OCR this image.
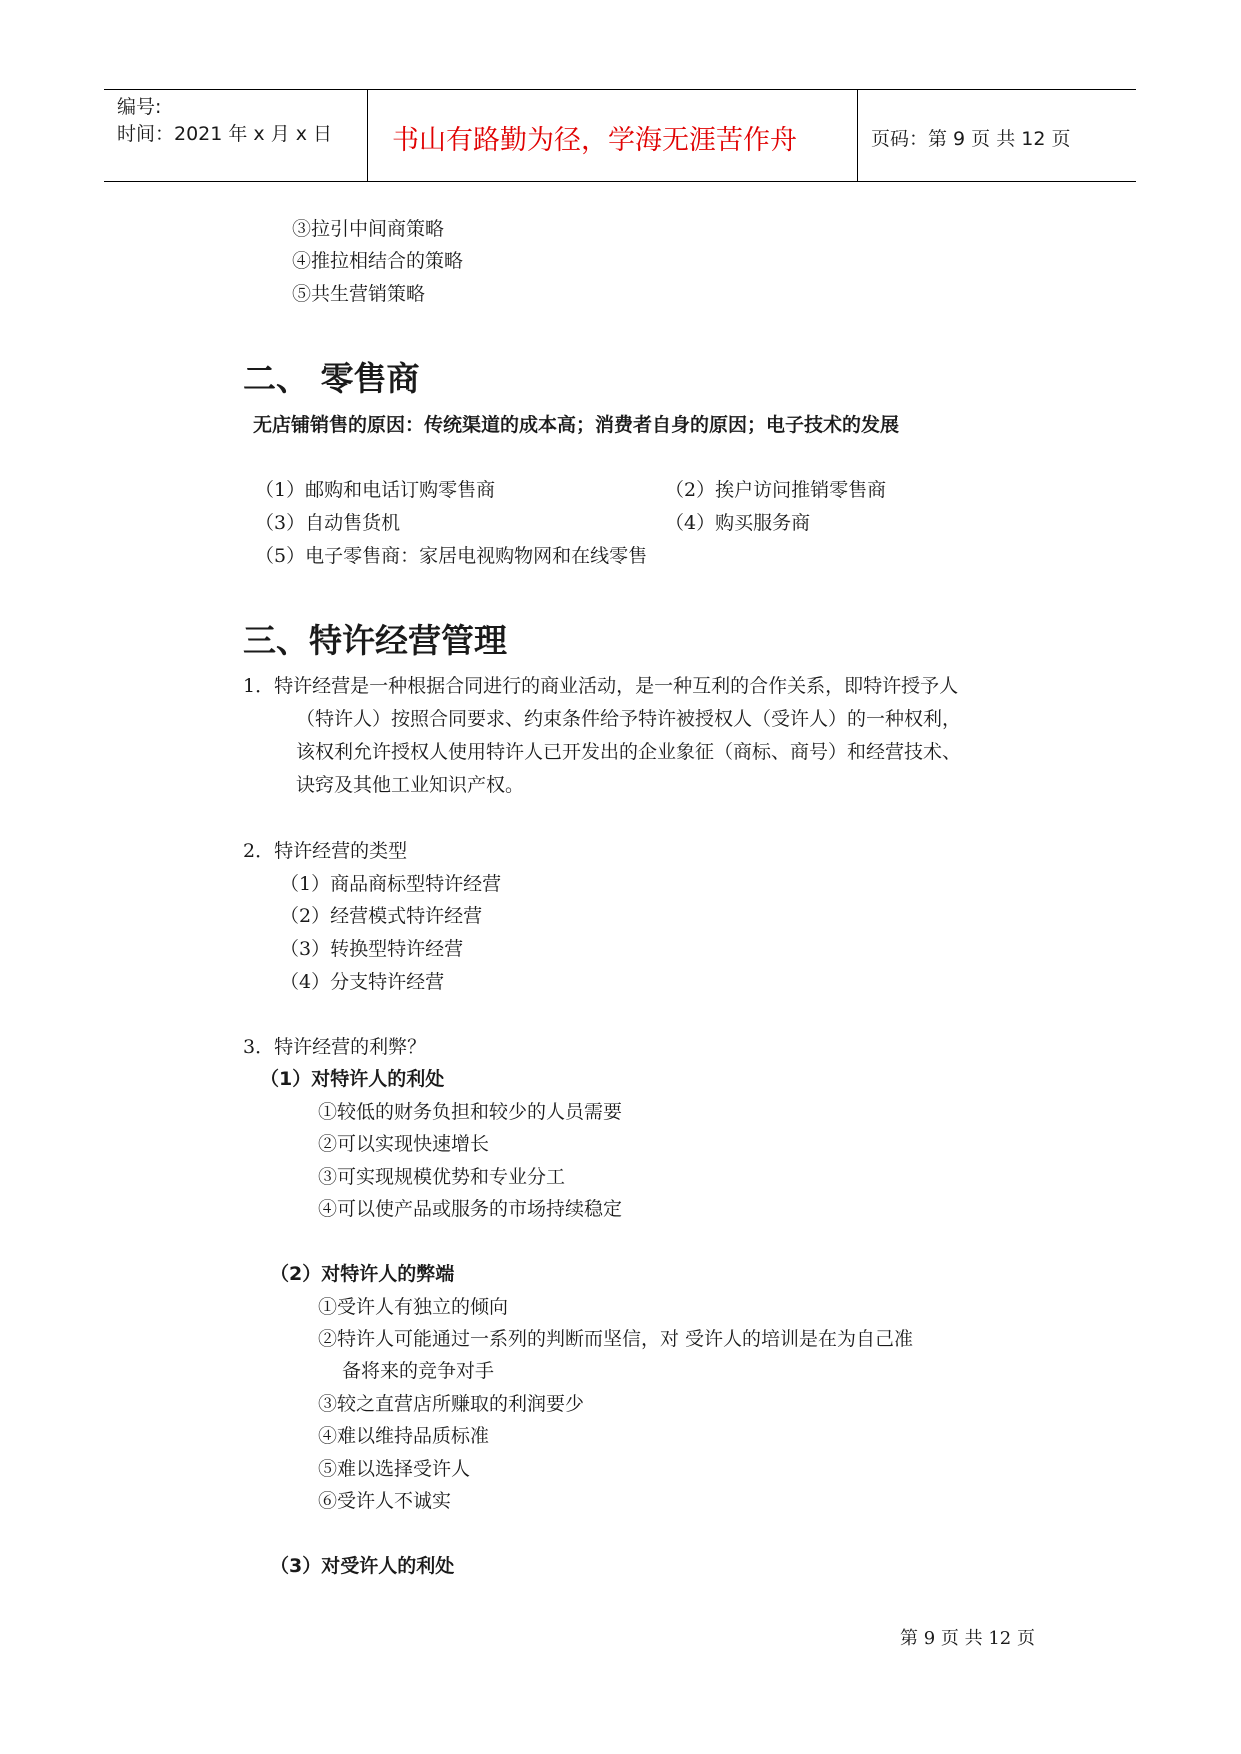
编号:
时间：2021 年 x 月 x 日 书山有路勤为径，学海无涯苦作舟	页码：第 9 页 共 12 页
③拉引中间商策略
④推拉相结合的策略
⑤共生营销策略
二、 零售商
无店铺销售的原因：传统渠道的成本高；消费者自身的原因；电子技术的发展
（1）邮购和电话订购零售商	（2）挨户访问推销零售商
（3）自动售货机	（4）购买服务商
（5）电子零售商：家居电视购物网和在线零售
三、特许经营管理
1．特许经营是一种根据合同进行的商业活动，是一种互利的合作关系，即特许授予人
（特许人）按照合同要求、约束条件给予特许被授权人（受许人）的一种权利，
该权利允许授权人使用特许人已开发出的企业象征（商标、商号）和经营技术、
诀窍及其他工业知识产权。
2．特许经营的类型
（1）商品商标型特许经营
（2）经营模式特许经营
（3）转换型特许经营
（4）分支特许经营
3．特许经营的利弊？
（1）对特许人的利处
①较低的财务负担和较少的人员需要
②可以实现快速增长
③可实现规模优势和专业分工
④可以使产品或服务的市场持续稳定
（2）对特许人的弊端
①受许人有独立的倾向
②特许人可能通过一系列的判断而坚信，对 受许人的培训是在为自己准
备将来的竞争对手
③较之直营店所赚取的利润要少
④难以维持品质标准
⑤难以选择受许人
⑥受许人不诚实
（3）对受许人的利处
第 9 页 共 12 页
